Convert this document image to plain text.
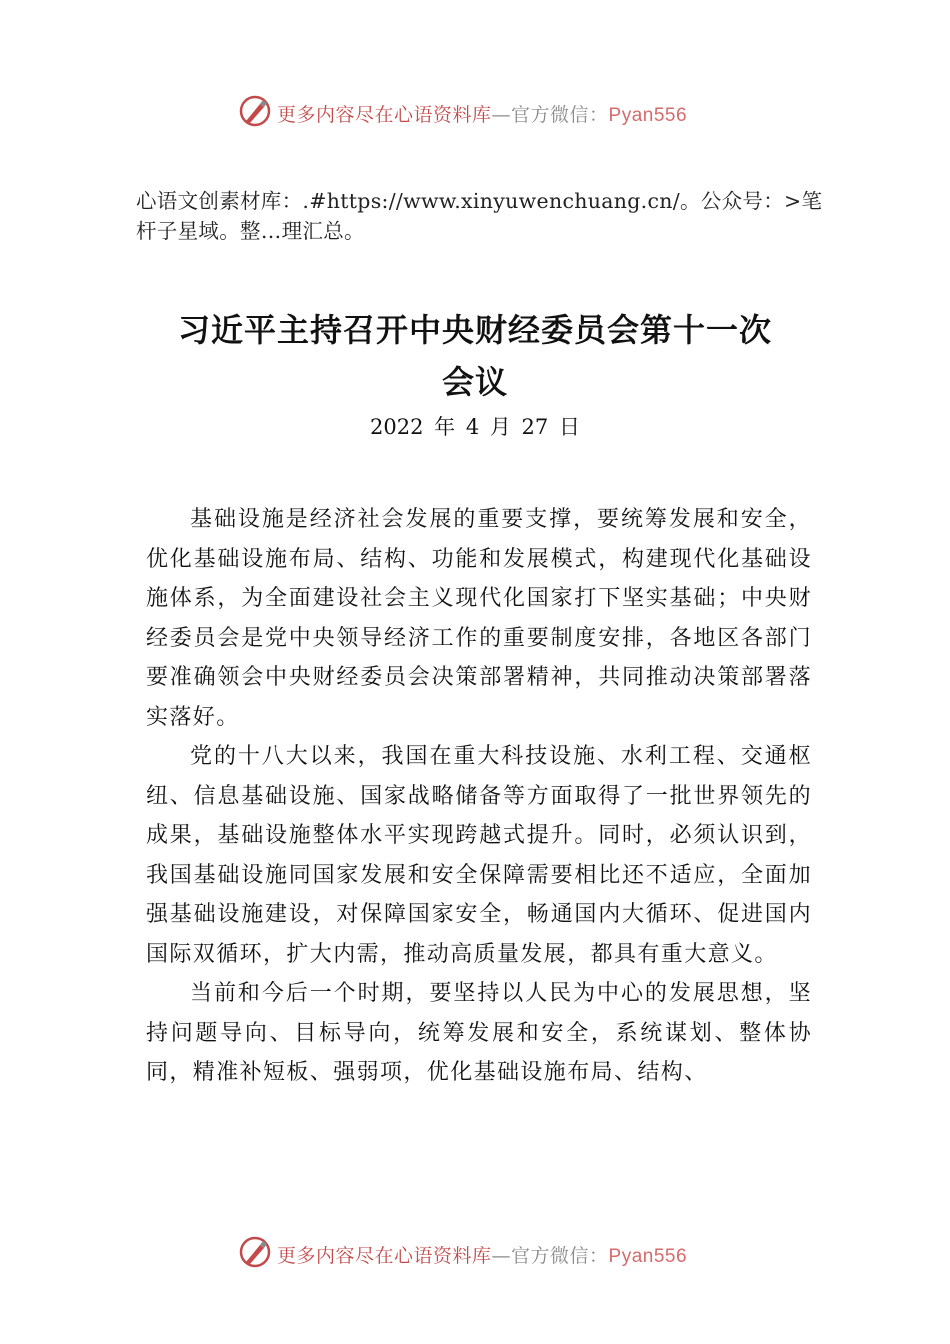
更多内容尽在心语资料库—官方微信：Pyan556
心语文创素材库：.#https://www.xinyuwenchuang.cn/。公众号：>笔杆子星域。整…理汇总。
习近平主持召开中央财经委员会第十一次
会议
2022 年 4 月 27 日

基础设施是经济社会发展的重要支撑，要统筹发展和安全，优化基础设施布局、结构、功能和发展模式，构建现代化基础设施体系，为全面建设社会主义现代化国家打下坚实基础；中央财经委员会是党中央领导经济工作的重要制度安排，各地区各部门要准确领会中央财经委员会决策部署精神，共同推动决策部署落实落好。

党的十八大以来，我国在重大科技设施、水利工程、交通枢纽、信息基础设施、国家战略储备等方面取得了一批世界领先的成果，基础设施整体水平实现跨越式提升。同时，必须认识到，我国基础设施同国家发展和安全保障需要相比还不适应，全面加强基础设施建设，对保障国家安全，畅通国内大循环、促进国内国际双循环，扩大内需，推动高质量发展，都具有重大意义。

当前和今后一个时期，要坚持以人民为中心的发展思想，坚持问题导向、目标导向，统筹发展和安全，系统谋划、整体协同，精准补短板、强弱项，优化基础设施布局、结构、

更多内容尽在心语资料库—官方微信：Pyan556
